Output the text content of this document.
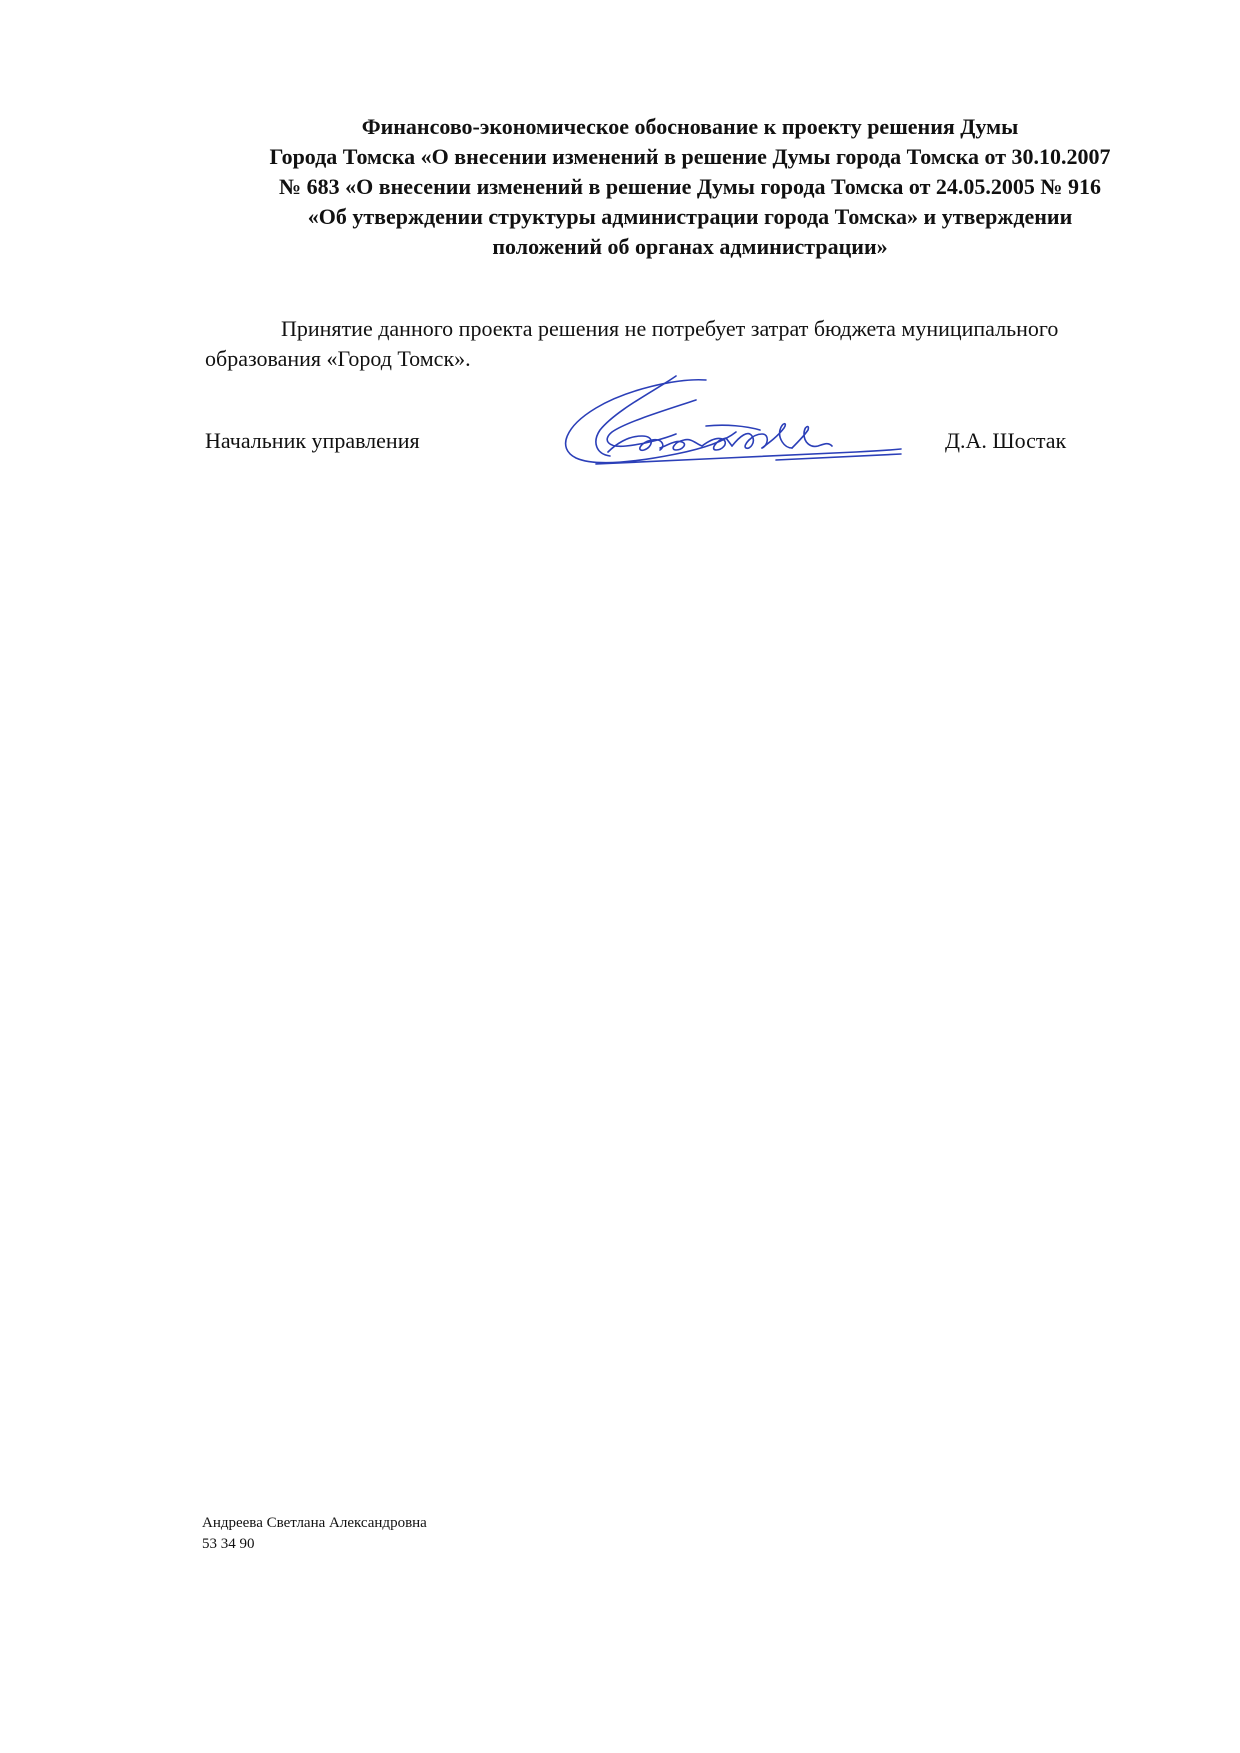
Финансово-экономическое обоснование к проекту решения Думы
Города Томска «О внесении изменений в решение Думы города Томска от 30.10.2007
№ 683 «О внесении изменений в решение Думы города Томска от 24.05.2005 № 916
«Об утверждении структуры администрации города Томска» и утверждении
положений об органах администрации»
Принятие данного проекта решения не потребует затрат бюджета муниципального
образования «Город Томск».
Начальник управления	Д.А. Шостак
Андреева Светлана Александровна
53 34 90
